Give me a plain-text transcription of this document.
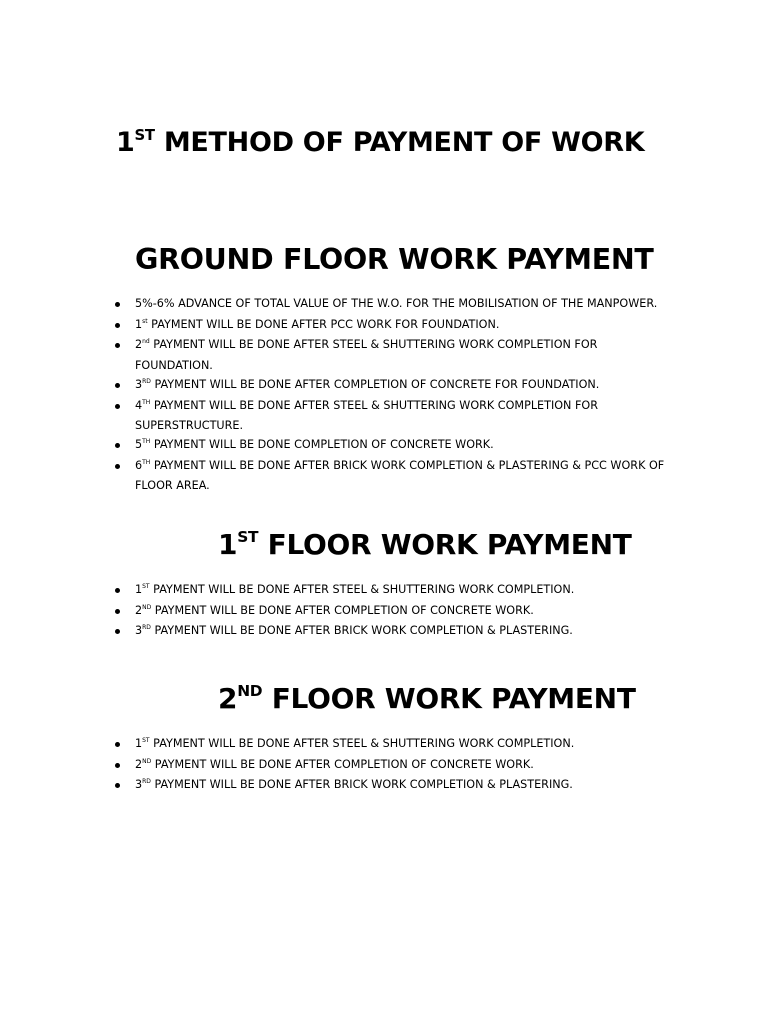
1ST METHOD OF PAYMENT OF WORK
GROUND FLOOR WORK PAYMENT
5%-6% ADVANCE OF TOTAL VALUE OF THE W.O. FOR THE MOBILISATION OF THE MANPOWER.
1st PAYMENT WILL BE DONE AFTER PCC WORK FOR FOUNDATION.
2nd PAYMENT WILL BE DONE AFTER STEEL & SHUTTERING WORK COMPLETION FOR FOUNDATION.
3RD PAYMENT WILL BE DONE AFTER COMPLETION OF CONCRETE FOR FOUNDATION.
4TH PAYMENT WILL BE DONE AFTER STEEL & SHUTTERING WORK COMPLETION FOR SUPERSTRUCTURE.
5TH PAYMENT WILL BE DONE COMPLETION OF CONCRETE WORK.
6TH PAYMENT WILL BE DONE AFTER BRICK WORK COMPLETION & PLASTERING & PCC WORK OF FLOOR AREA.
1ST FLOOR WORK PAYMENT
1ST PAYMENT WILL BE DONE AFTER STEEL & SHUTTERING WORK COMPLETION.
2ND PAYMENT WILL BE DONE AFTER COMPLETION OF CONCRETE WORK.
3RD PAYMENT WILL BE DONE AFTER BRICK WORK COMPLETION & PLASTERING.
2ND FLOOR WORK PAYMENT
1ST PAYMENT WILL BE DONE AFTER STEEL & SHUTTERING WORK COMPLETION.
2ND PAYMENT WILL BE DONE AFTER COMPLETION OF CONCRETE WORK.
3RD PAYMENT WILL BE DONE AFTER BRICK WORK COMPLETION & PLASTERING.
